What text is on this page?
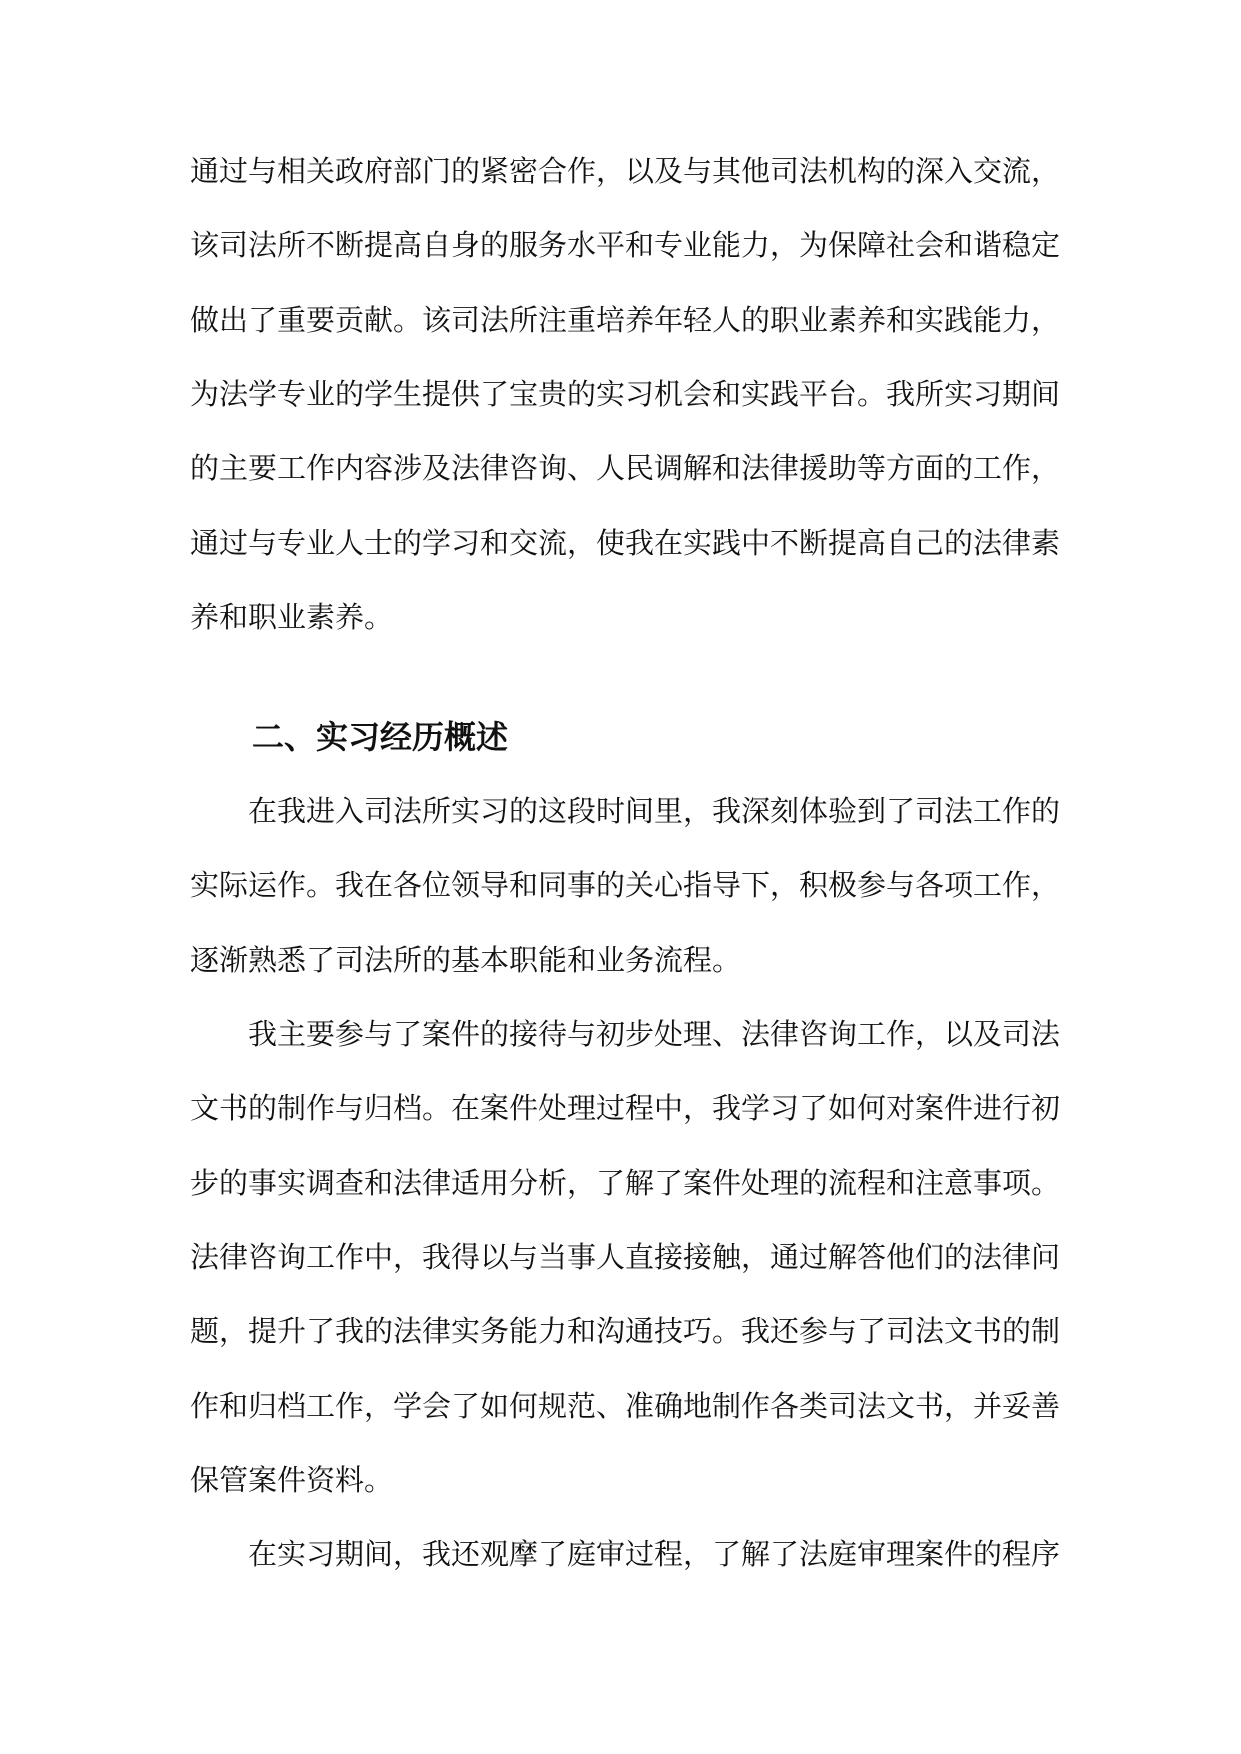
通过与相关政府部门的紧密合作，以及与其他司法机构的深入交流，
该司法所不断提高自身的服务水平和专业能力，为保障社会和谐稳定
做出了重要贡献。该司法所注重培养年轻人的职业素养和实践能力，
为法学专业的学生提供了宝贵的实习机会和实践平台。我所实习期间
的主要工作内容涉及法律咨询、人民调解和法律援助等方面的工作，
通过与专业人士的学习和交流，使我在实践中不断提高自己的法律素
养和职业素养。
二、实习经历概述
在我进入司法所实习的这段时间里，我深刻体验到了司法工作的
实际运作。我在各位领导和同事的关心指导下，积极参与各项工作，
逐渐熟悉了司法所的基本职能和业务流程。
我主要参与了案件的接待与初步处理、法律咨询工作，以及司法
文书的制作与归档。在案件处理过程中，我学习了如何对案件进行初
步的事实调查和法律适用分析，了解了案件处理的流程和注意事项。
法律咨询工作中，我得以与当事人直接接触，通过解答他们的法律问
题，提升了我的法律实务能力和沟通技巧。我还参与了司法文书的制
作和归档工作，学会了如何规范、准确地制作各类司法文书，并妥善
保管案件资料。
在实习期间，我还观摩了庭审过程，了解了法庭审理案件的程序
